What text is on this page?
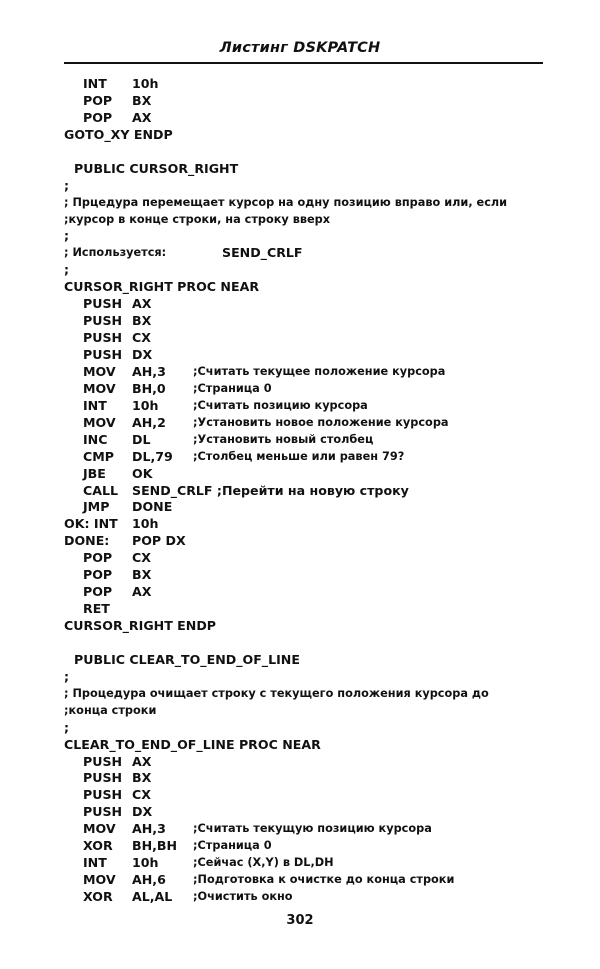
Листинг DSKPATCH
INT 10h
POP BX
POP AX
GOTO_XY ENDP
PUBLIC CURSOR_RIGHT
;
; Прцедура перемещает курсор на одну позицию вправо или, если
;курсор в конце строки, на строку вверх
;
; Используется:	SEND_CRLF
;
CURSOR_RIGHT PROC NEAR
PUSH AX
PUSH BX
PUSH CX
PUSH DX
MOV AH,3 ;Считать текущее положение курсора
MOV BH,0 ;Страница 0
INT 10h	;Считать позицию курсора
MOV AH,2 ;Установить новое положение курсора
INC DL	;Установить новый столбец
CMP DL,79 ;Столбец меньше или равен 79?
JBE OK
CALL SEND_CRLF ;Перейти на новую строку
JMP DONE
OK: INT 10h
DONE: POP DX
POP CX
POP BX
POP AX
RET
CURSOR_RIGHT ENDP
PUBLIC CLEAR_TO_END_OF_LINE
;
; Процедура очищает строку с текущего положения курсора до
;конца строки
;
CLEAR_TO_END_OF_LINE PROC NEAR
PUSH AX
PUSH BX
PUSH CX
PUSH DX
MOV AH,3 ;Считать текущую позицию курсора
XOR BH,BH ;Страница 0
INT 10h	;Сейчас (X,Y) в DL,DH
MOV AH,6 ;Подготовка к очистке до конца строки
XOR AL,AL ;Очистить окно
302
